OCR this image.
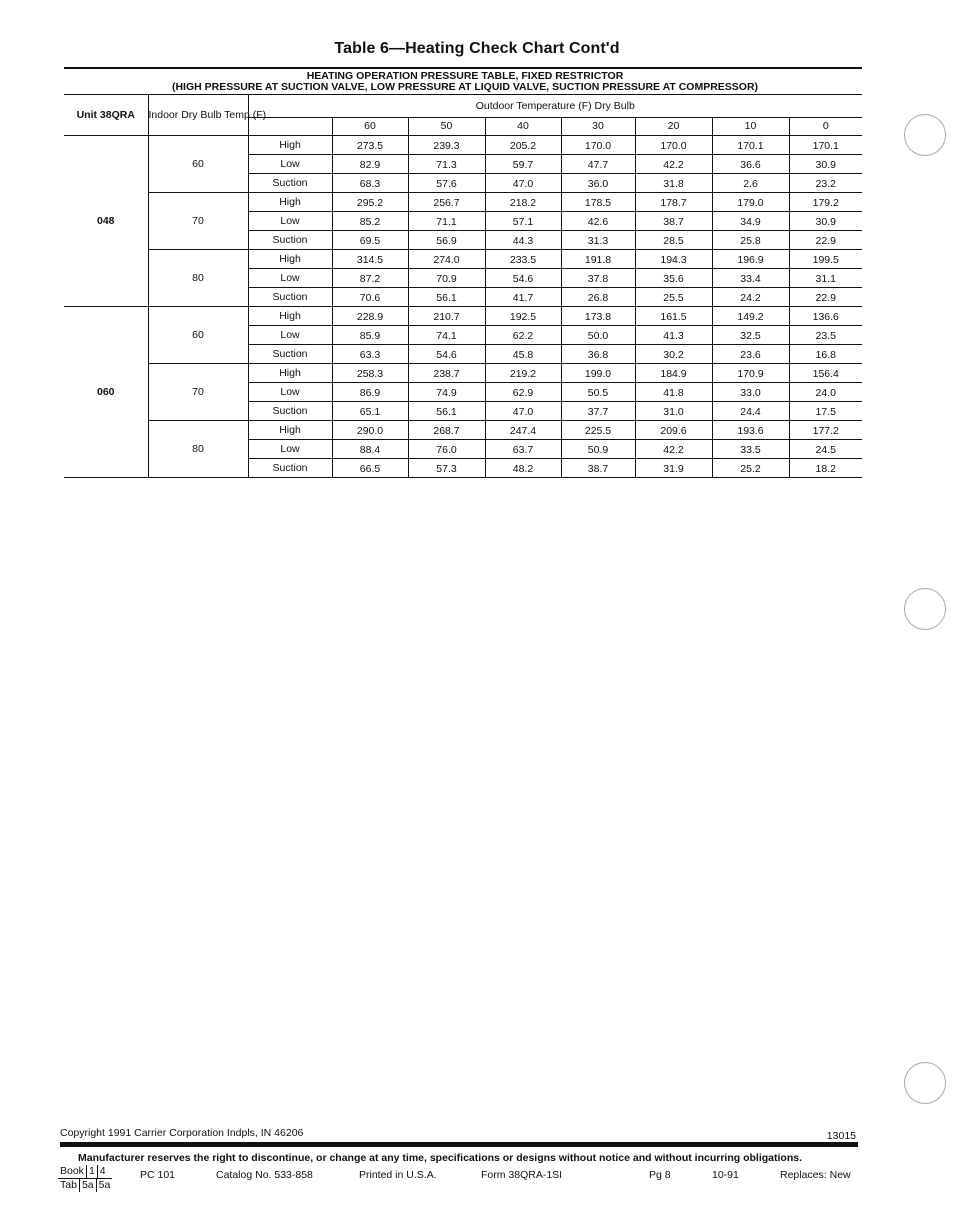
Table 6—Heating Check Chart Cont'd
HEATING OPERATION PRESSURE TABLE, FIXED RESTRICTOR
(HIGH PRESSURE AT SUCTION VALVE, LOW PRESSURE AT LIQUID VALVE, SUCTION PRESSURE AT COMPRESSOR)
Unit 38QRA	Indoor Dry Bulb Temp (F)	Outdoor Temperature (F) Dry Bulb							
			60	50	40	30	20	10	0
048	60	High	273.5	239.3	205.2	170.0	170.0	170.1	170.1
		Low	82.9	71.3	59.7	47.7	42.2	36.6	30.9
		Suction	68.3	57.6	47.0	36.0	31.8	2.6	23.2
	70	High	295.2	256.7	218.2	178.5	178.7	179.0	179.2
		Low	85.2	71.1	57.1	42.6	38.7	34.9	30.9
		Suction	69.5	56.9	44.3	31.3	28.5	25.8	22.9
	80	High	314.5	274.0	233.5	191.8	194.3	196.9	199.5
		Low	87.2	70.9	54.6	37.8	35.6	33.4	31.1
		Suction	70.6	56.1	41.7	26.8	25.5	24.2	22.9
060	60	High	228.9	210.7	192.5	173.8	161.5	149.2	136.6
		Low	85.9	74.1	62.2	50.0	41.3	32.5	23.5
		Suction	63.3	54.6	45.8	36.8	30.2	23.6	16.8
	70	High	258.3	238.7	219.2	199.0	184.9	170.9	156.4
		Low	86.9	74.9	62.9	50.5	41.8	33.0	24.0
		Suction	65.1	56.1	47.0	37.7	31.0	24.4	17.5
	80	High	290.0	268.7	247.4	225.5	209.6	193.6	177.2
		Low	88.4	76.0	63.7	50.9	42.2	33.5	24.5
		Suction	66.5	57.3	48.2	38.7	31.9	25.2	18.2
Copyright 1991 Carrier Corporation Indpls, IN 46206	13015
Manufacturer reserves the right to discontinue, or change at any time, specifications or designs without notice and without incurring obligations.
Book 1 4
Tab 5a 5a
PC 101	Catalog No. 533-858	Printed in U.S.A.	Form 38QRA-1SI	Pg 8	10-91	Replaces: New
